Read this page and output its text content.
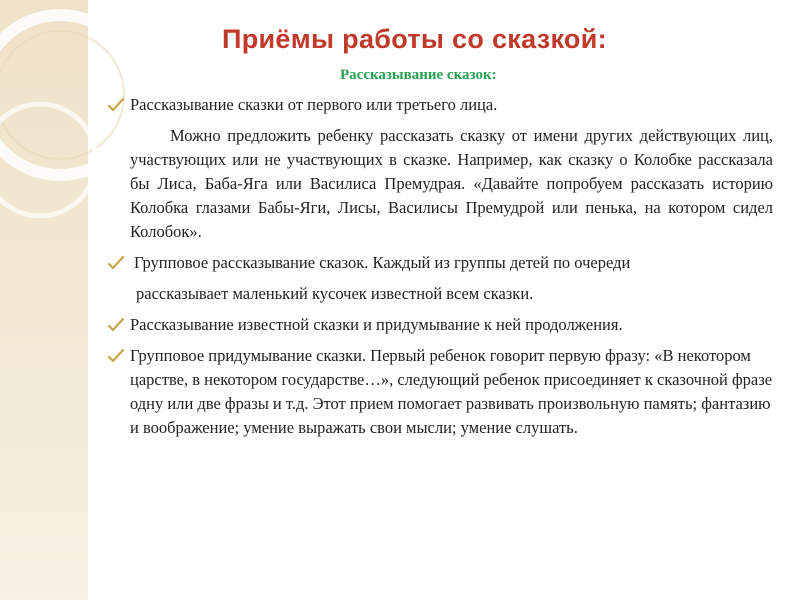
Приёмы работы со сказкой:
Рассказывание сказок:
Рассказывание сказки от первого или третьего лица.
Можно предложить ребенку рассказать сказку от имени других действующих лиц, участвующих или не участвующих в сказке. Например, как сказку о Колобке рассказала бы Лиса, Баба-Яга или Василиса Премудрая. «Давайте попробуем рассказать историю Колобка глазами Бабы-Яги, Лисы, Василисы Премудрой или пенька, на котором сидел Колобок».
Групповое рассказывание сказок. Каждый из группы детей по очереди
рассказывает маленький кусочек известной всем сказки.
Рассказывание известной сказки и придумывание к ней продолжения.
Групповое придумывание сказки. Первый ребенок говорит первую фразу: «В некотором царстве, в некотором государстве…», следующий ребенок присоединяет к сказочной фразе одну или две фразы и т.д. Этот прием помогает развивать произвольную память; фантазию и воображение; умение выражать свои мысли; умение слушать.
